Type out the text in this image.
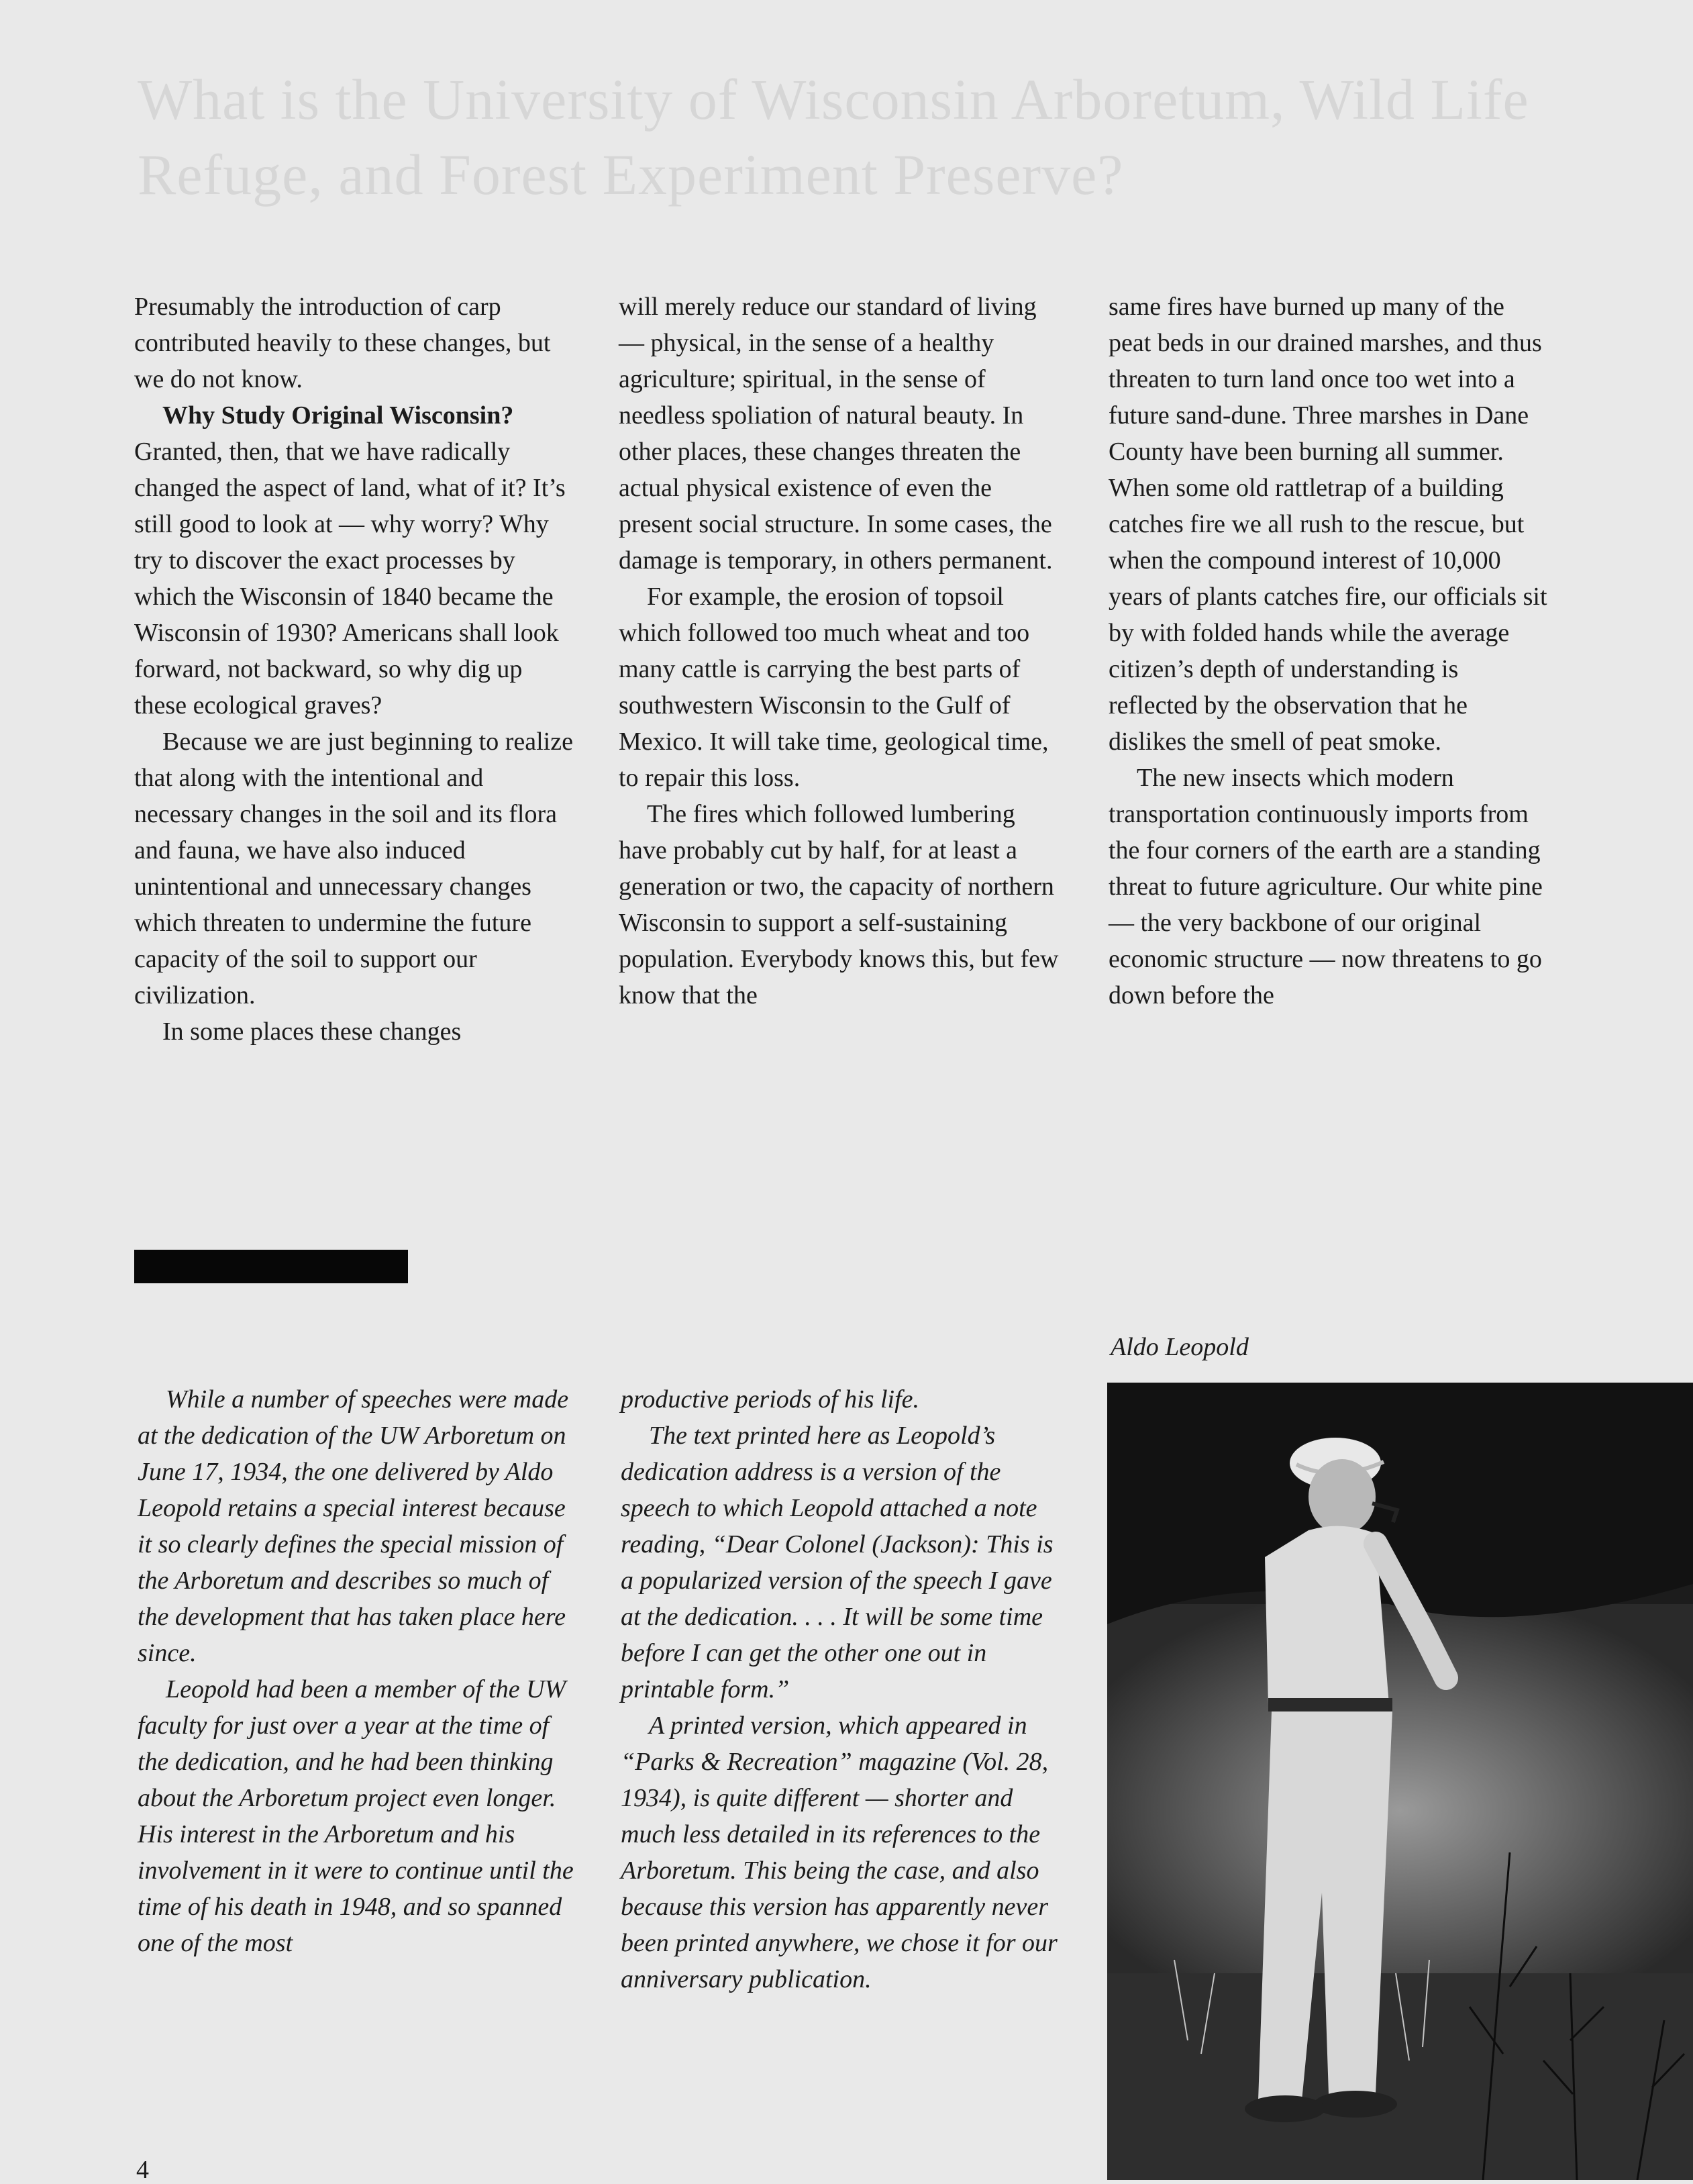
What is the University of Wisconsin Arboretum, Wild Life Refuge, and Forest Experiment Preserve?

Presumably the introduction of carp contributed heavily to these changes, but we do not know.

Why Study Original Wisconsin?
Granted, then, that we have radically changed the aspect of land, what of it? It’s still good to look at — why worry? Why try to discover the exact processes by which the Wisconsin of 1840 became the Wisconsin of 1930? Americans shall look forward, not backward, so why dig up these ecological graves?

Because we are just beginning to realize that along with the intentional and necessary changes in the soil and its flora and fauna, we have also induced unintentional and unnecessary changes which threaten to undermine the future capacity of the soil to support our civilization.

In some places these changes

will merely reduce our standard of living — physical, in the sense of a healthy agriculture; spiritual, in the sense of needless spoliation of natural beauty. In other places, these changes threaten the actual physical existence of even the present social structure. In some cases, the damage is temporary, in others permanent.

For example, the erosion of topsoil which followed too much wheat and too many cattle is carrying the best parts of southwestern Wisconsin to the Gulf of Mexico. It will take time, geological time, to repair this loss.

The fires which followed lumbering have probably cut by half, for at least a generation or two, the capacity of northern Wisconsin to support a self-sustaining population. Everybody knows this, but few know that the

same fires have burned up many of the peat beds in our drained marshes, and thus threaten to turn land once too wet into a future sand-dune. Three marshes in Dane County have been burning all summer. When some old rattletrap of a building catches fire we all rush to the rescue, but when the compound interest of 10,000 years of plants catches fire, our officials sit by with folded hands while the average citizen’s depth of understanding is reflected by the observation that he dislikes the smell of peat smoke.

The new insects which modern transportation continuously imports from the four corners of the earth are a standing threat to future agriculture. Our white pine — the very backbone of our original economic structure — now threatens to go down before the

Aldo Leopold

While a number of speeches were made at the dedication of the UW Arboretum on June 17, 1934, the one delivered by Aldo Leopold retains a special interest because it so clearly defines the special mission of the Arboretum and describes so much of the development that has taken place here since.

Leopold had been a member of the UW faculty for just over a year at the time of the dedication, and he had been thinking about the Arboretum project even longer. His interest in the Arboretum and his involvement in it were to continue until the time of his death in 1948, and so spanned one of the most

productive periods of his life.

The text printed here as Leopold’s dedication address is a version of the speech to which Leopold attached a note reading, “Dear Colonel (Jackson): This is a popularized version of the speech I gave at the dedication. . . . It will be some time before I can get the other one out in printable form.”

A printed version, which appeared in “Parks & Recreation” magazine (Vol. 28, 1934), is quite different — shorter and much less detailed in its references to the Arboretum. This being the case, and also because this version has apparently never been printed anywhere, we chose it for our anniversary publication.

4
